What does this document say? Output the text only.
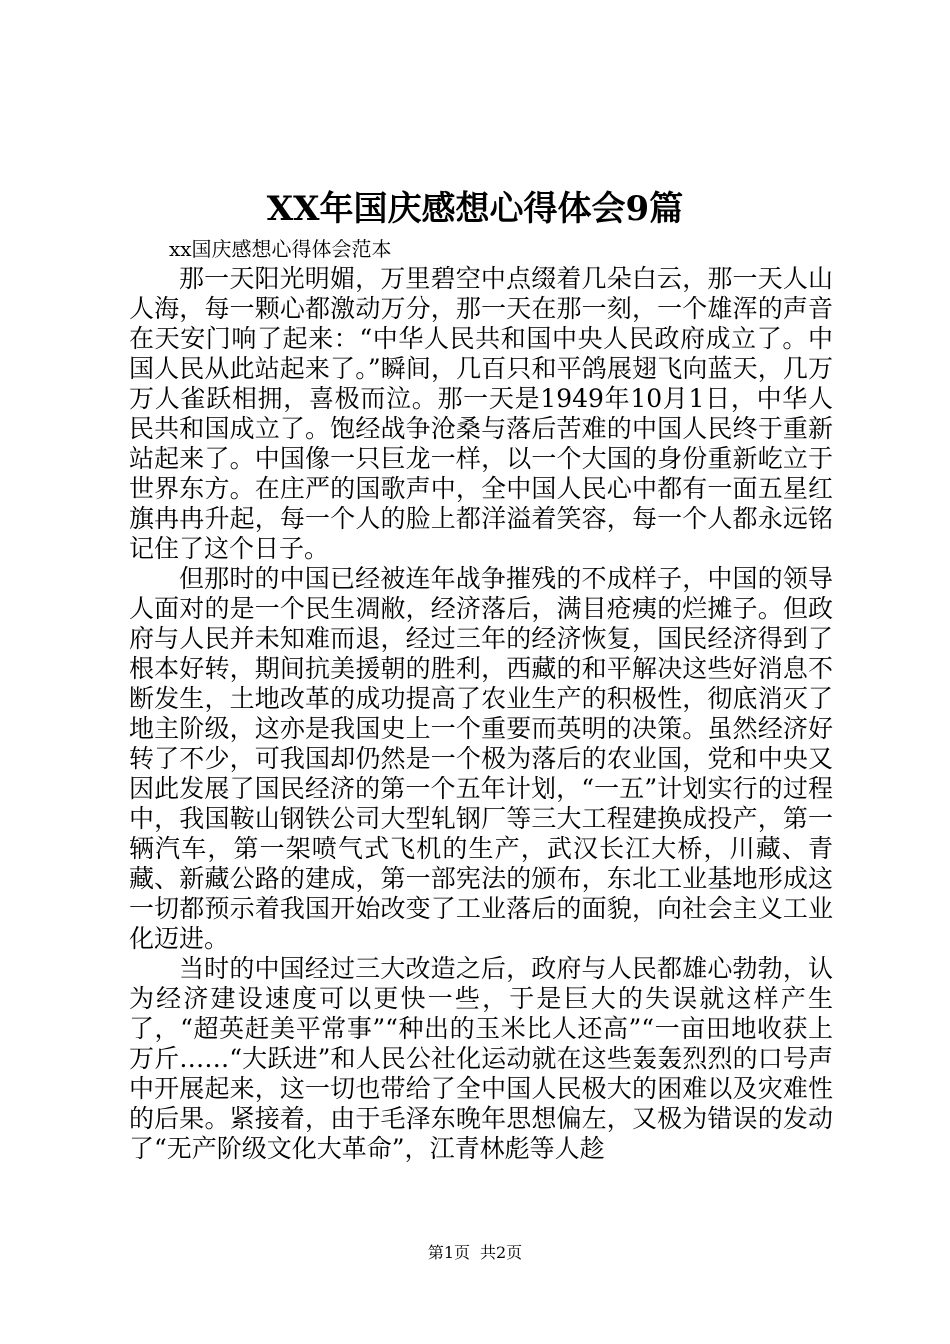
XX年国庆感想心得体会9篇

xx国庆感想心得体会范本

那一天阳光明媚，万里碧空中点缀着几朵白云，那一天人山人海，每一颗心都激动万分，那一天在那一刻，一个雄浑的声音在天安门响了起来：“中华人民共和国中央人民政府成立了。中国人民从此站起来了。”瞬间，几百只和平鸽展翅飞向蓝天，几万万人雀跃相拥，喜极而泣。那一天是1949年10月1日，中华人民共和国成立了。饱经战争沧桑与落后苦难的中国人民终于重新站起来了。中国像一只巨龙一样，以一个大国的身份重新屹立于世界东方。在庄严的国歌声中，全中国人民心中都有一面五星红旗冉冉升起，每一个人的脸上都洋溢着笑容，每一个人都永远铭记住了这个日子。

但那时的中国已经被连年战争摧残的不成样子，中国的领导人面对的是一个民生凋敝，经济落后，满目疮痍的烂摊子。但政府与人民并未知难而退，经过三年的经济恢复，国民经济得到了根本好转，期间抗美援朝的胜利，西藏的和平解决这些好消息不断发生，土地改革的成功提高了农业生产的积极性，彻底消灭了地主阶级，这亦是我国史上一个重要而英明的决策。虽然经济好转了不少，可我国却仍然是一个极为落后的农业国，党和中央又因此发展了国民经济的第一个五年计划，“一五”计划实行的过程中，我国鞍山钢铁公司大型轧钢厂等三大工程建换成投产，第一辆汽车，第一架喷气式飞机的生产，武汉长江大桥，川藏、青藏、新藏公路的建成，第一部宪法的颁布，东北工业基地形成这一切都预示着我国开始改变了工业落后的面貌，向社会主义工业化迈进。

当时的中国经过三大改造之后，政府与人民都雄心勃勃，认为经济建设速度可以更快一些，于是巨大的失误就这样产生了，“超英赶美平常事”“种出的玉米比人还高”“一亩田地收获上万斤……“大跃进”和人民公社化运动就在这些轰轰烈烈的口号声中开展起来，这一切也带给了全中国人民极大的困难以及灾难性的后果。紧接着，由于毛泽东晚年思想偏左，又极为错误的发动了“无产阶级文化大革命”，江青林彪等人趁

第1页 共2页
